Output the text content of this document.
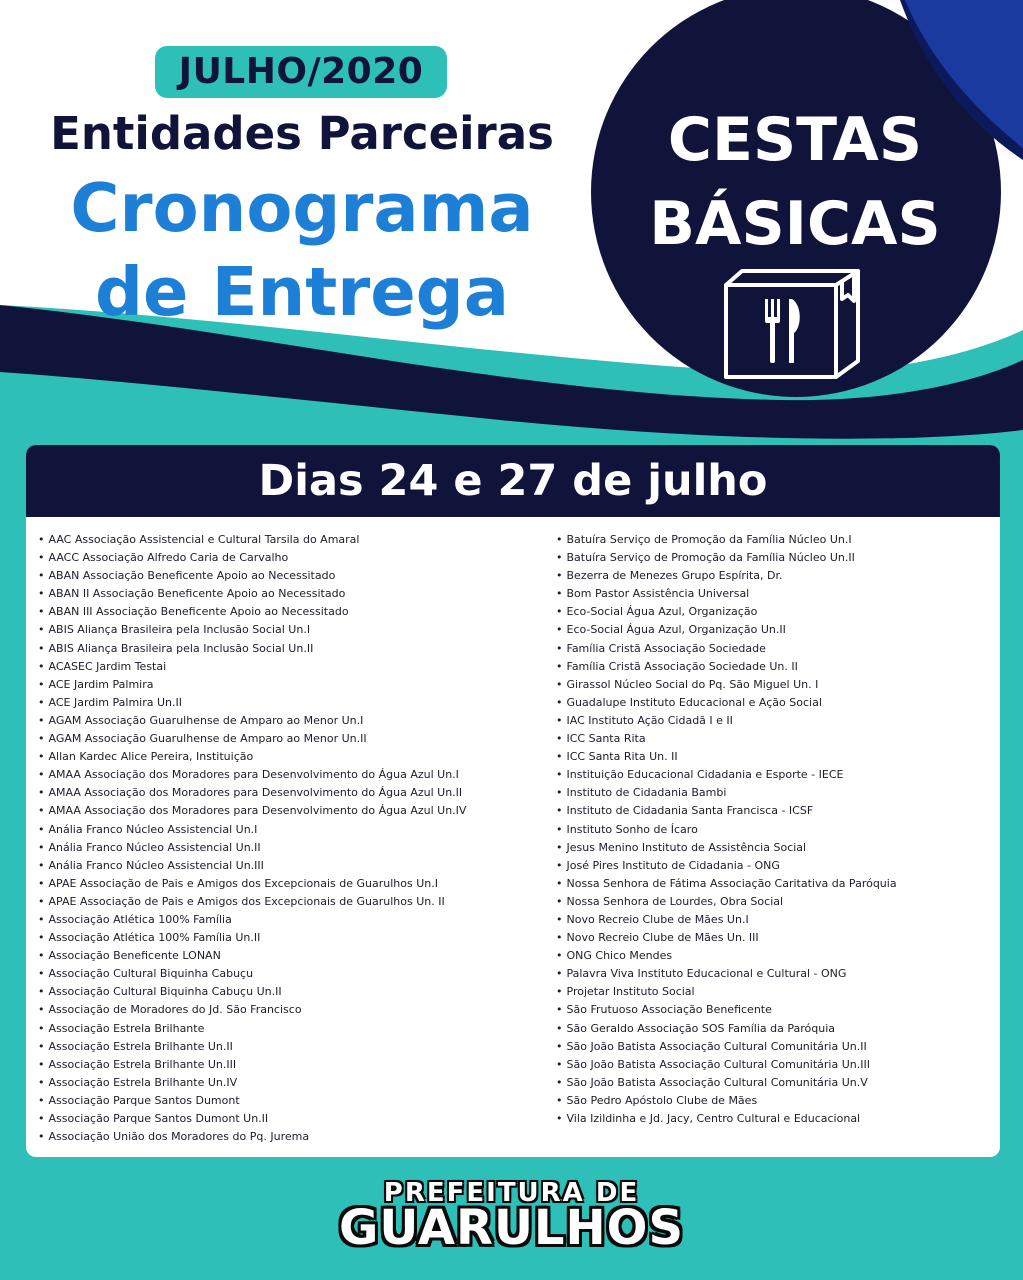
JULHO/2020
Entidades Parceiras
Cronograma
de Entrega
CESTAS
BÁSICAS
Dias 24 e 27 de julho
• AAC Associação Assistencial e Cultural Tarsila do Amaral
• AACC Associação Alfredo Caria de Carvalho
• ABAN Associação Beneficente Apoio ao Necessitado
• ABAN II Associação Beneficente Apoio ao Necessitado
• ABAN III Associação Beneficente Apoio ao Necessitado
• ABIS Aliança Brasileira pela Inclusão Social Un.I
• ABIS Aliança Brasileira pela Inclusão Social Un.II
• ACASEC Jardim Testai
• ACE Jardim Palmira
• ACE Jardim Palmira Un.II
• AGAM Associação Guarulhense de Amparo ao Menor Un.I
• AGAM Associação Guarulhense de Amparo ao Menor Un.II
• Allan Kardec Alice Pereira, Instituição
• AMAA Associação dos Moradores para Desenvolvimento do Água Azul Un.I
• AMAA Associação dos Moradores para Desenvolvimento do Água Azul Un.II
• AMAA Associação dos Moradores para Desenvolvimento do Água Azul Un.IV
• Anália Franco Núcleo Assistencial Un.I
• Anália Franco Núcleo Assistencial Un.II
• Anália Franco Núcleo Assistencial Un.III
• APAE Associação de Pais e Amigos dos Excepcionais de Guarulhos Un.I
• APAE Associação de Pais e Amigos dos Excepcionais de Guarulhos Un. II
• Associação Atlética 100% Família
• Associação Atlética 100% Família Un.II
• Associação Beneficente LONAN
• Associação Cultural Biquinha Cabuçu
• Associação Cultural Biquinha Cabuçu Un.II
• Associação de Moradores do Jd. São Francisco
• Associação Estrela Brilhante
• Associação Estrela Brilhante Un.II
• Associação Estrela Brilhante Un.III
• Associação Estrela Brilhante Un.IV
• Associação Parque Santos Dumont
• Associação Parque Santos Dumont Un.II
• Associação União dos Moradores do Pq. Jurema
• Batuíra Serviço de Promoção da Família Núcleo Un.I
• Batuíra Serviço de Promoção da Família Núcleo Un.II
• Bezerra de Menezes Grupo Espírita, Dr.
• Bom Pastor Assistência Universal
• Eco-Social Água Azul, Organização
• Eco-Social Água Azul, Organização Un.II
• Família Cristã Associação Sociedade
• Família Cristã Associação Sociedade Un. II
• Girassol Núcleo Social do Pq. São Miguel Un. I
• Guadalupe Instituto Educacional e Ação Social
• IAC Instituto Ação Cidadã I e II
• ICC Santa Rita
• ICC Santa Rita Un. II
• Instituição Educacional Cidadania e Esporte - IECE
• Instituto de Cidadania Bambi
• Instituto de Cidadania Santa Francisca - ICSF
• Instituto Sonho de Ícaro
• Jesus Menino Instituto de Assistência Social
• José Pires Instituto de Cidadania - ONG
• Nossa Senhora de Fátima Associação Caritativa da Paróquia
• Nossa Senhora de Lourdes, Obra Social
• Novo Recreio Clube de Mães Un.I
• Novo Recreio Clube de Mães Un. III
• ONG Chico Mendes
• Palavra Viva Instituto Educacional e Cultural - ONG
• Projetar Instituto Social
• São Frutuoso Associação Beneficente
• São Geraldo Associação SOS Família da Paróquia
• São João Batista Associação Cultural Comunitária Un.II
• São João Batista Associação Cultural Comunitária Un.III
• São João Batista Associação Cultural Comunitária Un.V
• São Pedro Apóstolo Clube de Mães
• Vila Izildinha e Jd. Jacy, Centro Cultural e Educacional
PREFEITURA DE
GUARULHOS
